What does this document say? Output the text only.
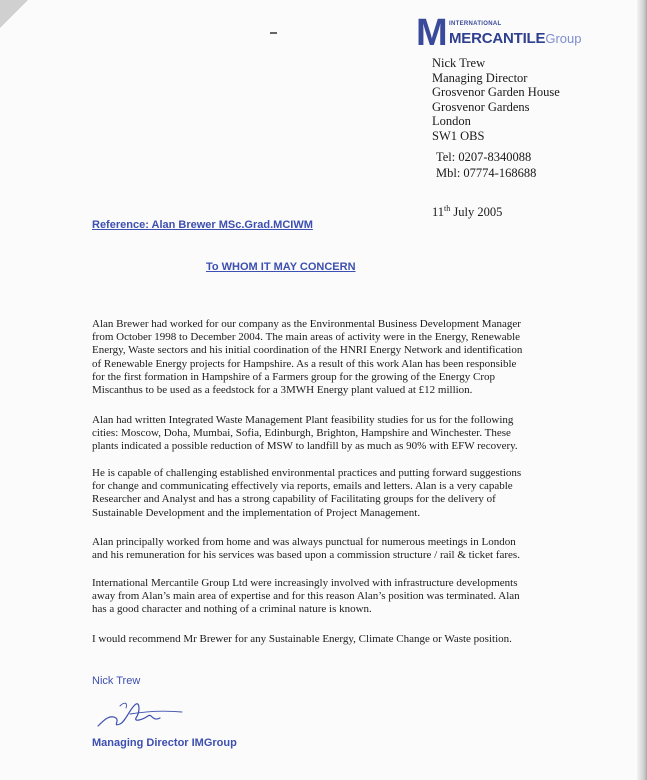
M INTERNATIONAL
MERCANTILEGroup
Nick Trew
Managing Director
Grosvenor Garden House
Grosvenor Gardens
London
SW1 OBS
Tel: 0207-8340088
Mbl: 07774-168688
11th July 2005
Reference: Alan Brewer MSc.Grad.MCIWM
To WHOM IT MAY CONCERN
Alan Brewer had worked for our company as the Environmental Business Development Manager
from October 1998 to December 2004. The main areas of activity were in the Energy, Renewable
Energy, Waste sectors and his initial coordination of the HNRI Energy Network and identification
of Renewable Energy projects for Hampshire. As a result of this work Alan has been responsible
for the first formation in Hampshire of a Farmers group for the growing of the Energy Crop
Miscanthus to be used as a feedstock for a 3MWH Energy plant valued at £12 million.
Alan had written Integrated Waste Management Plant feasibility studies for us for the following
cities: Moscow, Doha, Mumbai, Sofia, Edinburgh, Brighton, Hampshire and Winchester. These
plants indicated a possible reduction of MSW to landfill by as much as 90% with EFW recovery.
He is capable of challenging established environmental practices and putting forward suggestions
for change and communicating effectively via reports, emails and letters. Alan is a very capable
Researcher and Analyst and has a strong capability of Facilitating groups for the delivery of
Sustainable Development and the implementation of Project Management.
Alan principally worked from home and was always punctual for numerous meetings in London
and his remuneration for his services was based upon a commission structure / rail & ticket fares.
International Mercantile Group Ltd were increasingly involved with infrastructure developments
away from Alan’s main area of expertise and for this reason Alan’s position was terminated. Alan
has a good character and nothing of a criminal nature is known.
I would recommend Mr Brewer for any Sustainable Energy, Climate Change or Waste position.
Nick Trew
Managing Director IMGroup
